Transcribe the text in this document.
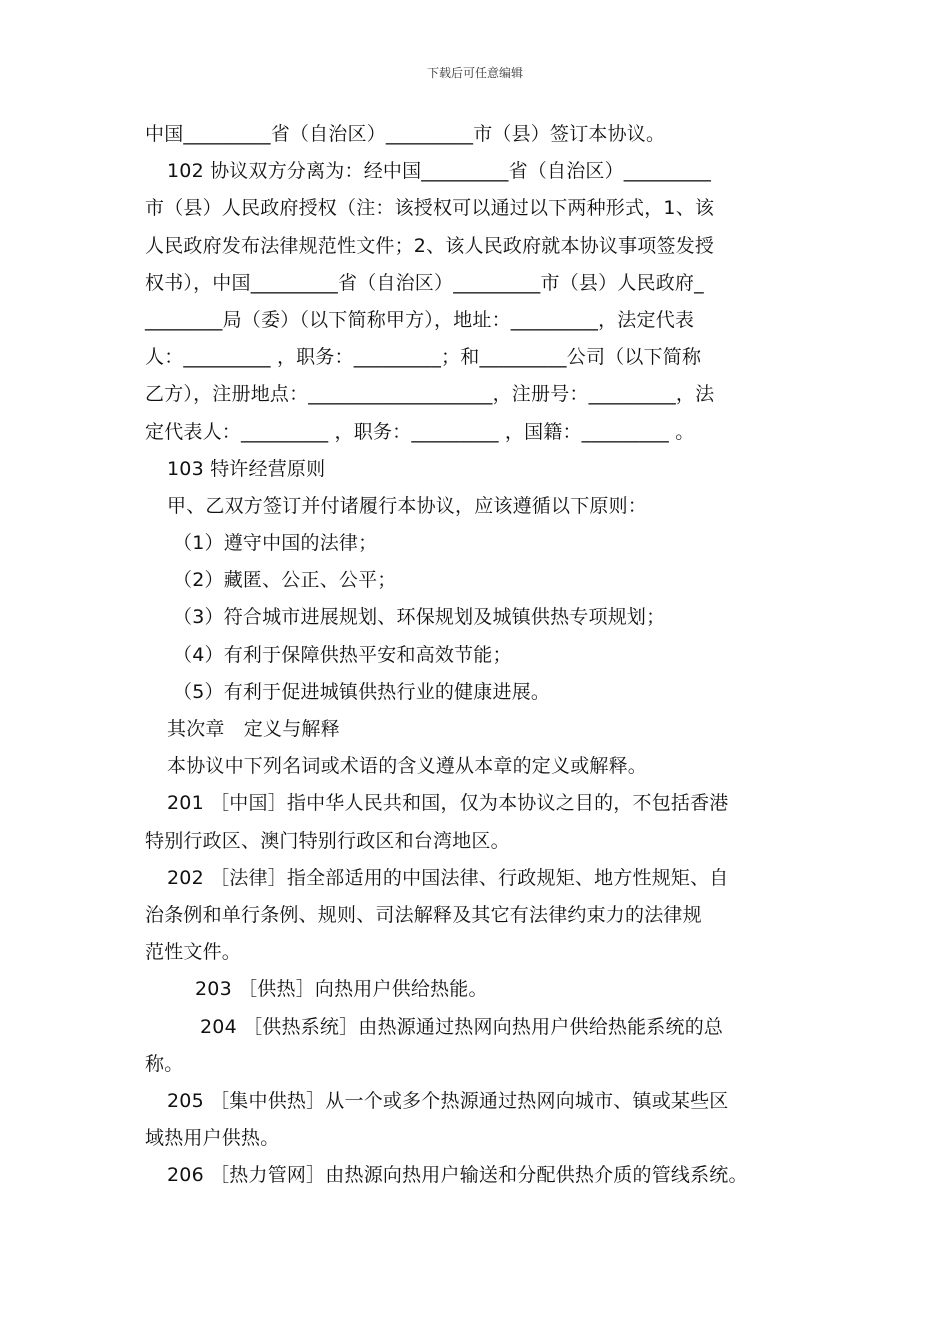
下载后可任意编辑
中国_________省（自治区）_________市（县）签订本协议。
102 协议双方分离为：经中国_________省（自治区）_________
市（县）人民政府授权（注：该授权可以通过以下两种形式，1、该
人民政府发布法律规范性文件；2、该人民政府就本协议事项签发授
权书），中国_________省（自治区）_________市（县）人民政府_
________局（委）（以下简称甲方），地址：_________，法定代表
人：_________ ，职务：_________；和_________公司（以下简称
乙方），注册地点：___________________，注册号：_________，法
定代表人：_________ ，职务：_________ ，国籍：_________ 。
103 特许经营原则
甲、乙双方签订并付诸履行本协议，应该遵循以下原则：
（1）遵守中国的法律；
（2）藏匿、公正、公平；
（3）符合城市进展规划、环保规划及城镇供热专项规划；
（4）有利于保障供热平安和高效节能；
（5）有利于促进城镇供热行业的健康进展。
其次章　定义与解释
本协议中下列名词或术语的含义遵从本章的定义或解释。
201 ［中国］指中华人民共和国，仅为本协议之目的，不包括香港
特别行政区、澳门特别行政区和台湾地区。
202 ［法律］指全部适用的中国法律、行政规矩、地方性规矩、自
治条例和单行条例、规则、司法解释及其它有法律约束力的法律规
范性文件。
203 ［供热］向热用户供给热能。
204 ［供热系统］由热源通过热网向热用户供给热能系统的总
称。
205 ［集中供热］从一个或多个热源通过热网向城市、镇或某些区
域热用户供热。
206 ［热力管网］由热源向热用户输送和分配供热介质的管线系统。
